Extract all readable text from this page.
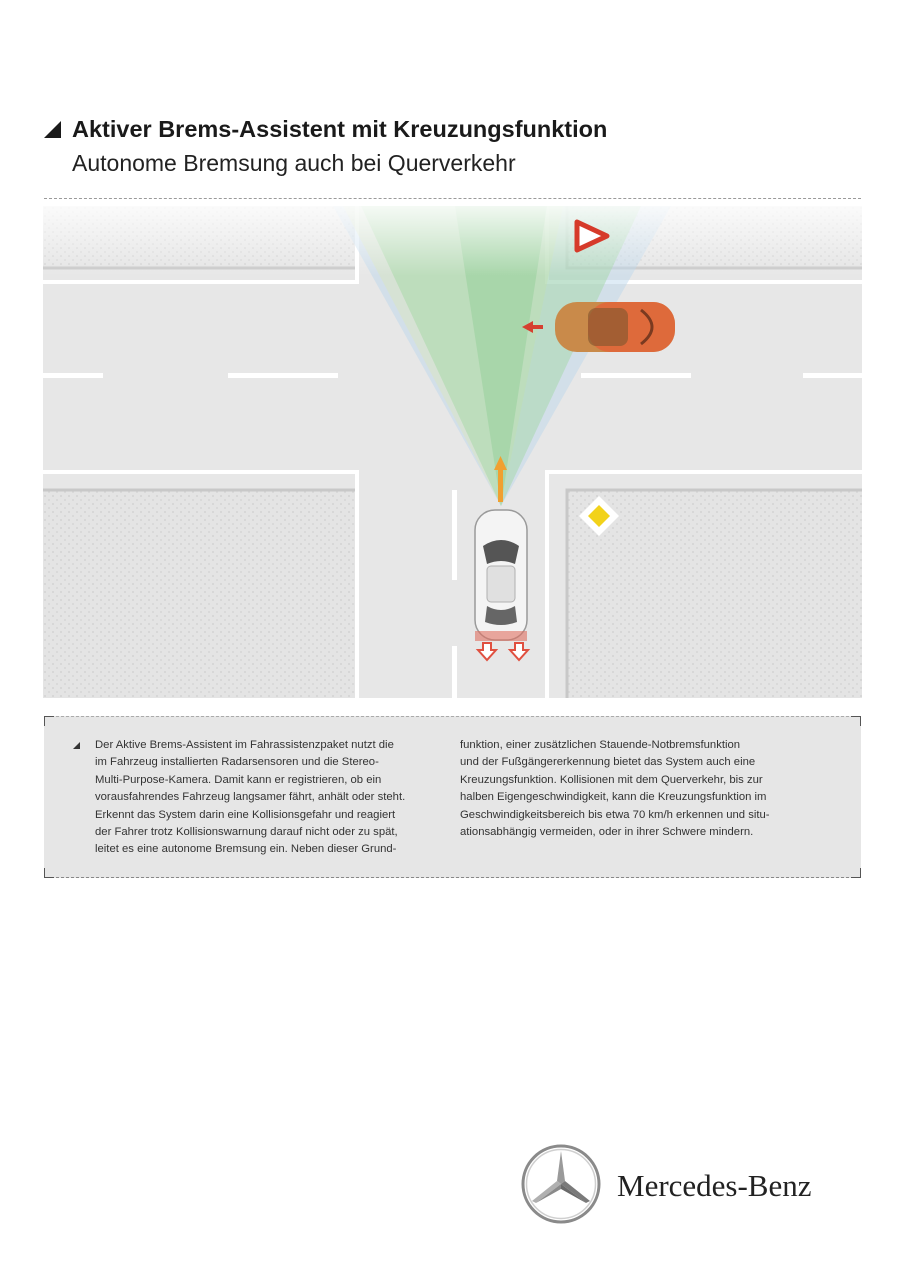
Aktiver Brems-Assistent mit Kreuzungsfunktion
Autonome Bremsung auch bei Querverkehr
Der Aktive Brems-Assistent im Fahrassistenzpaket nutzt die
im Fahrzeug installierten Radarsensoren und die Stereo-
Multi-Purpose-Kamera. Damit kann er registrieren, ob ein
vorausfahrendes Fahrzeug langsamer fährt, anhält oder steht.
Erkennt das System darin eine Kollisionsgefahr und reagiert
der Fahrer trotz Kollisionswarnung darauf nicht oder zu spät,
leitet es eine autonome Bremsung ein. Neben dieser Grund-
funktion, einer zusätzlichen Stauende-Notbremsfunktion
und der Fußgängererkennung bietet das System auch eine
Kreuzungsfunktion. Kollisionen mit dem Querverkehr, bis zur
halben Eigengeschwindigkeit, kann die Kreuzungsfunktion im
Geschwindigkeitsbereich bis etwa 70 km/h erkennen und situ-
ationsabhängig vermeiden, oder in ihrer Schwere mindern.
Mercedes-Benz
